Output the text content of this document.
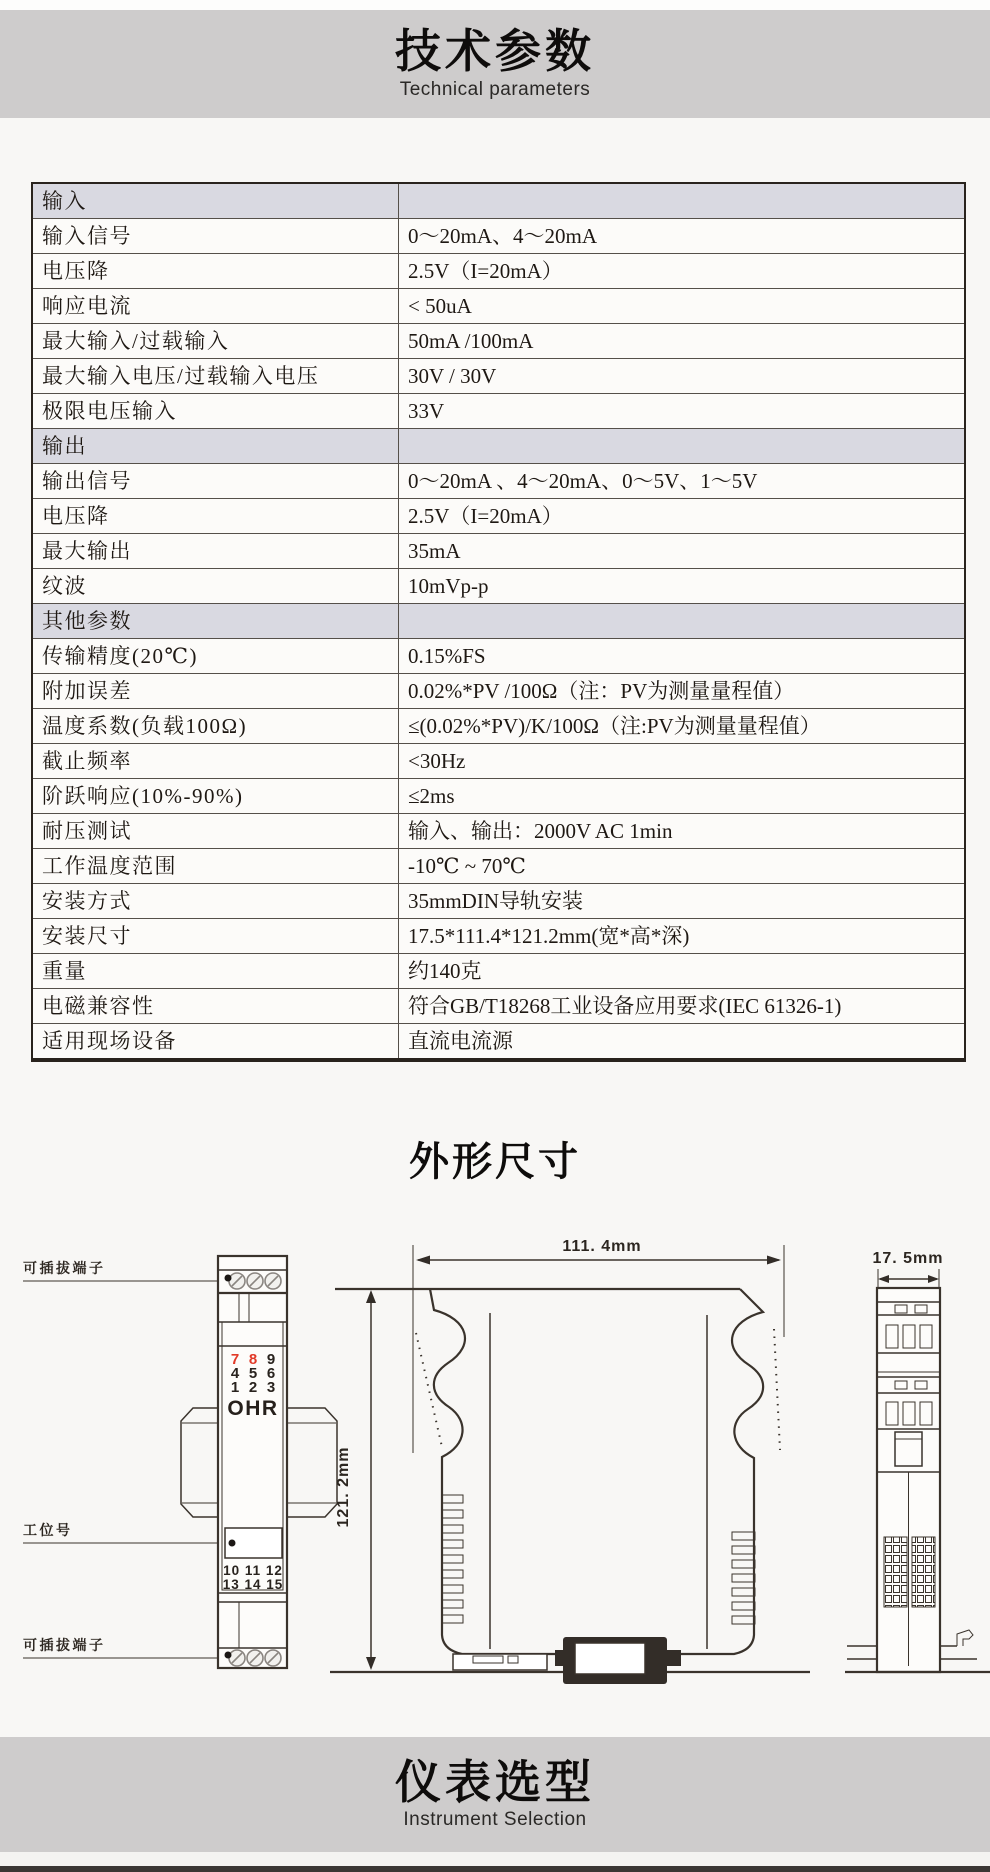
技术参数
Technical parameters
输入	
输入信号	0～20mA、4～20mA
电压降	2.5V（I=20mA）
响应电流	< 50uA
最大输入/过载输入	50mA /100mA
最大输入电压/过载输入电压	30V / 30V
极限电压输入	33V
输出	
输出信号	0～20mA 、4～20mA、0～5V、1～5V
电压降	2.5V（I=20mA）
最大输出	35mA
纹波	10mVp-p
其他参数	
传输精度(20℃)	0.15%FS
附加误差	0.02%*PV /100Ω（注：PV为测量量程值）
温度系数(负载100Ω)	≤(0.02%*PV)/K/100Ω（注:PV为测量量程值）
截止频率	<30Hz
阶跃响应(10%-90%)	≤2ms
耐压测试	输入、输出：2000V AC 1min
工作温度范围	-10℃ ~ 70℃
安装方式	35mmDIN导轨安装
安装尺寸	17.5*111.4*121.2mm(宽*高*深)
重量	约140克
电磁兼容性	符合GB/T18268工业设备应用要求(IEC 61326-1)
适用现场设备	直流电流源
外形尺寸
7 8 9
4 5 6
1 2 3
OHR
10 11 12
13 14 15
可插拔端子
工位号
可插拔端子
111. 4mm
121. 2mm
17. 5mm
仪表选型
Instrument Selection
